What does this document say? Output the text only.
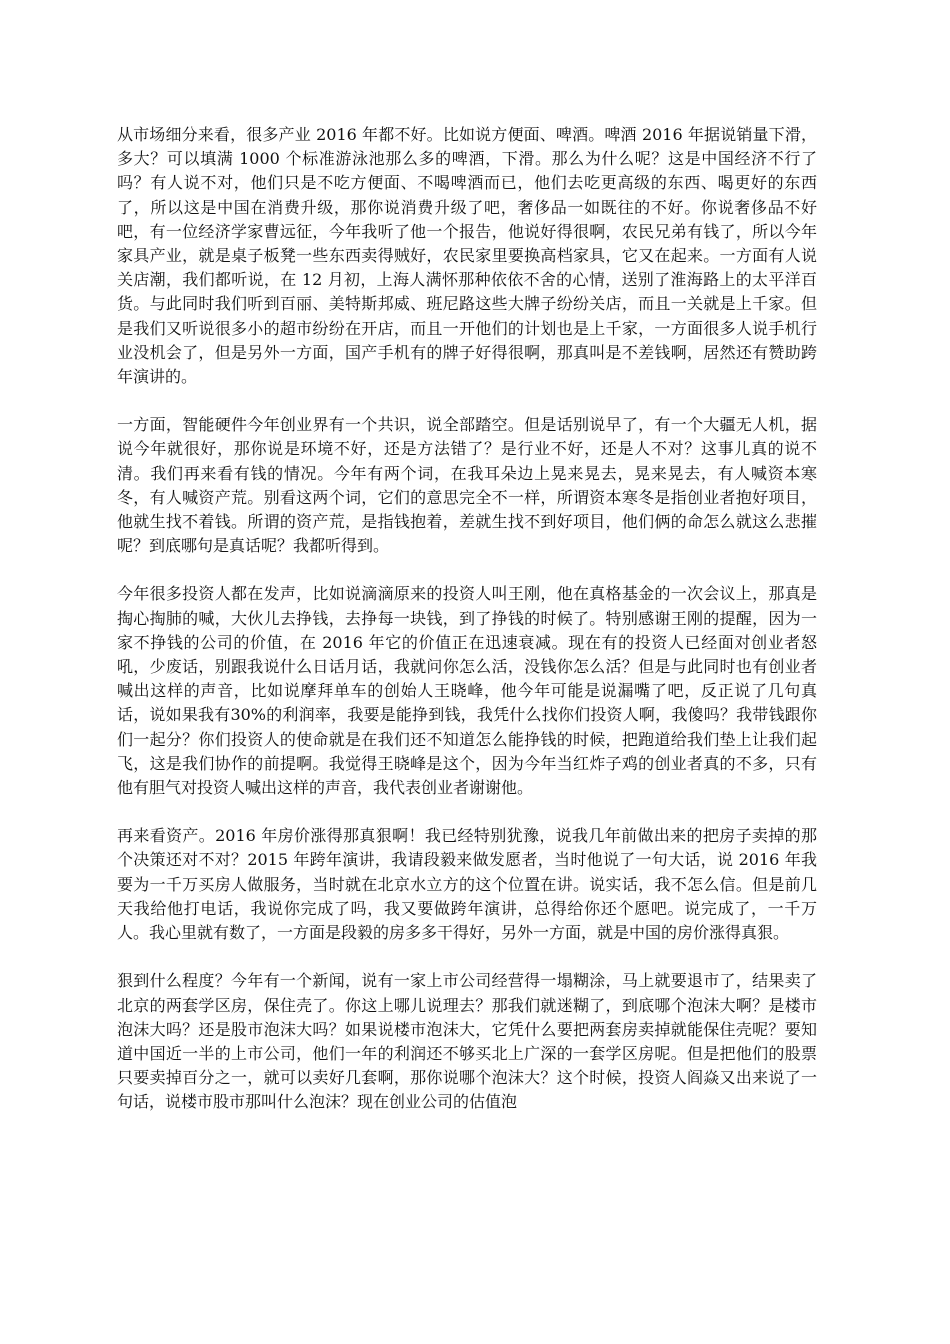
从市场细分来看，很多产业 2016 年都不好。比如说方便面、啤酒。啤酒 2016 年据说销量下滑，多大？可以填满 1000 个标准游泳池那么多的啤酒，下滑。那么为什么呢？这是中国经济不行了吗？有人说不对，他们只是不吃方便面、不喝啤酒而已，他们去吃更高级的东西、喝更好的东西了，所以这是中国在消费升级，那你说消费升级了吧，奢侈品一如既往的不好。你说奢侈品不好吧，有一位经济学家曹远征，今年我听了他一个报告，他说好得很啊，农民兄弟有钱了，所以今年家具产业，就是桌子板凳一些东西卖得贼好，农民家里要换高档家具，它又在起来。一方面有人说关店潮，我们都听说，在 12 月初，上海人满怀那种依依不舍的心情，送别了淮海路上的太平洋百货。与此同时我们听到百丽、美特斯邦威、班尼路这些大牌子纷纷关店，而且一关就是上千家。但是我们又听说很多小的超市纷纷在开店，而且一开他们的计划也是上千家，一方面很多人说手机行业没机会了，但是另外一方面，国产手机有的牌子好得很啊，那真叫是不差钱啊，居然还有赞助跨年演讲的。

一方面，智能硬件今年创业界有一个共识，说全部踏空。但是话别说早了，有一个大疆无人机，据说今年就很好，那你说是环境不好，还是方法错了？是行业不好，还是人不对？这事儿真的说不清。我们再来看有钱的情况。今年有两个词，在我耳朵边上晃来晃去，晃来晃去，有人喊资本寒冬，有人喊资产荒。别看这两个词，它们的意思完全不一样，所谓资本寒冬是指创业者抱好项目，他就生找不着钱。所谓的资产荒，是指钱抱着，差就生找不到好项目，他们俩的命怎么就这么悲摧呢？到底哪句是真话呢？我都听得到。

今年很多投资人都在发声，比如说滴滴原来的投资人叫王刚，他在真格基金的一次会议上，那真是掏心掏肺的喊，大伙儿去挣钱，去挣每一块钱，到了挣钱的时候了。特别感谢王刚的提醒，因为一家不挣钱的公司的价值，在 2016 年它的价值正在迅速衰减。现在有的投资人已经面对创业者怒吼，少废话，别跟我说什么日话月话，我就问你怎么活，没钱你怎么活？但是与此同时也有创业者喊出这样的声音，比如说摩拜单车的创始人王晓峰，他今年可能是说漏嘴了吧，反正说了几句真话，说如果我有30%的利润率，我要是能挣到钱，我凭什么找你们投资人啊，我傻吗？我带钱跟你们一起分？你们投资人的使命就是在我们还不知道怎么能挣钱的时候，把跑道给我们垫上让我们起飞，这是我们协作的前提啊。我觉得王晓峰是这个，因为今年当红炸子鸡的创业者真的不多，只有他有胆气对投资人喊出这样的声音，我代表创业者谢谢他。

再来看资产。2016 年房价涨得那真狠啊！我已经特别犹豫，说我几年前做出来的把房子卖掉的那个决策还对不对？2015 年跨年演讲，我请段毅来做发愿者，当时他说了一句大话，说 2016 年我要为一千万买房人做服务，当时就在北京水立方的这个位置在讲。说实话，我不怎么信。但是前几天我给他打电话，我说你完成了吗，我又要做跨年演讲，总得给你还个愿吧。说完成了，一千万人。我心里就有数了，一方面是段毅的房多多干得好，另外一方面，就是中国的房价涨得真狠。

狠到什么程度？今年有一个新闻，说有一家上市公司经营得一塌糊涂，马上就要退市了，结果卖了北京的两套学区房，保住壳了。你这上哪儿说理去？那我们就迷糊了，到底哪个泡沫大啊？是楼市泡沫大吗？还是股市泡沫大吗？如果说楼市泡沫大，它凭什么要把两套房卖掉就能保住壳呢？要知道中国近一半的上市公司，他们一年的利润还不够买北上广深的一套学区房呢。但是把他们的股票只要卖掉百分之一，就可以卖好几套啊，那你说哪个泡沫大？这个时候，投资人阎焱又出来说了一句话，说楼市股市那叫什么泡沫？现在创业公司的估值泡
